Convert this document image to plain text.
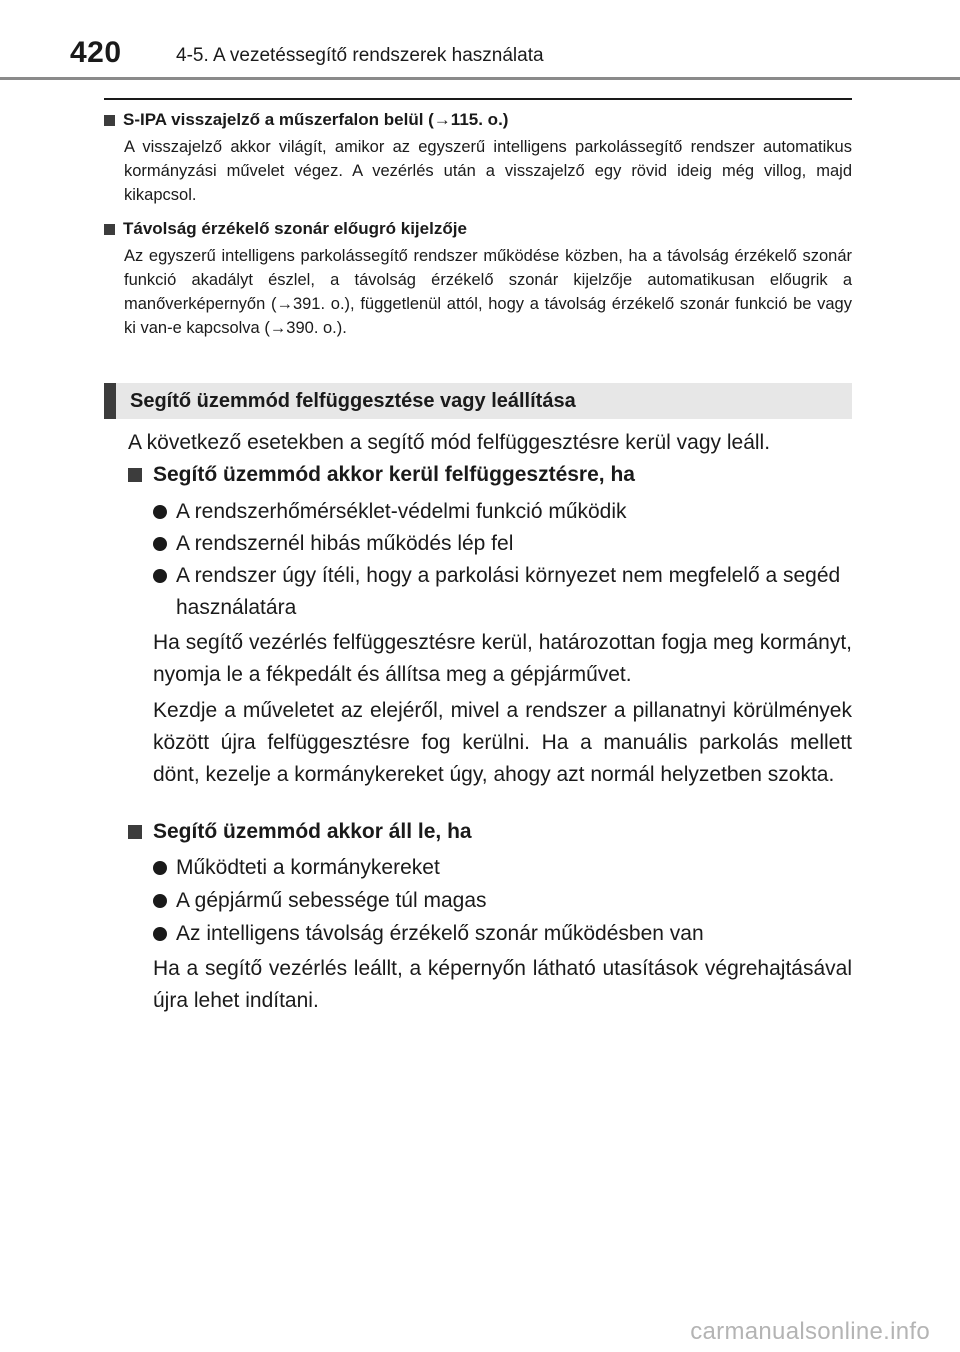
420	4-5. A vezetéssegítő rendszerek használata
S-IPA visszajelző a műszerfalon belül (→115. o.)
A visszajelző akkor világít, amikor az egyszerű intelligens parkolássegítő rendszer automatikus kormányzási művelet végez. A vezérlés után a visszajelző egy rövid ideig még villog, majd kikapcsol.
Távolság érzékelő szonár előugró kijelzője
Az egyszerű intelligens parkolássegítő rendszer működése közben, ha a távolság érzékelő szonár funkció akadályt észlel, a távolság érzékelő szonár kijelzője automatikusan előugrik a manőverképernyőn (→391. o.), függetlenül attól, hogy a távolság érzékelő szonár funkció be vagy ki van-e kapcsolva (→390. o.).
Segítő üzemmód felfüggesztése vagy leállítása
A következő esetekben a segítő mód felfüggesztésre kerül vagy leáll.
Segítő üzemmód akkor kerül felfüggesztésre, ha
A rendszerhőmérséklet-védelmi funkció működik
A rendszernél hibás működés lép fel
A rendszer úgy ítéli, hogy a parkolási környezet nem megfelelő a segéd használatára
Ha segítő vezérlés felfüggesztésre kerül, határozottan fogja meg kormányt, nyomja le a fékpedált és állítsa meg a gépjárművet.
Kezdje a műveletet az elejéről, mivel a rendszer a pillanatnyi körülmények között újra felfüggesztésre fog kerülni. Ha a manuális parkolás mellett dönt, kezelje a kormánykereket úgy, ahogy azt normál helyzetben szokta.
Segítő üzemmód akkor áll le, ha
Működteti a kormánykereket
A gépjármű sebessége túl magas
Az intelligens távolság érzékelő szonár működésben van
Ha a segítő vezérlés leállt, a képernyőn látható utasítások végrehajtásával újra lehet indítani.
carmanualsonline.info
